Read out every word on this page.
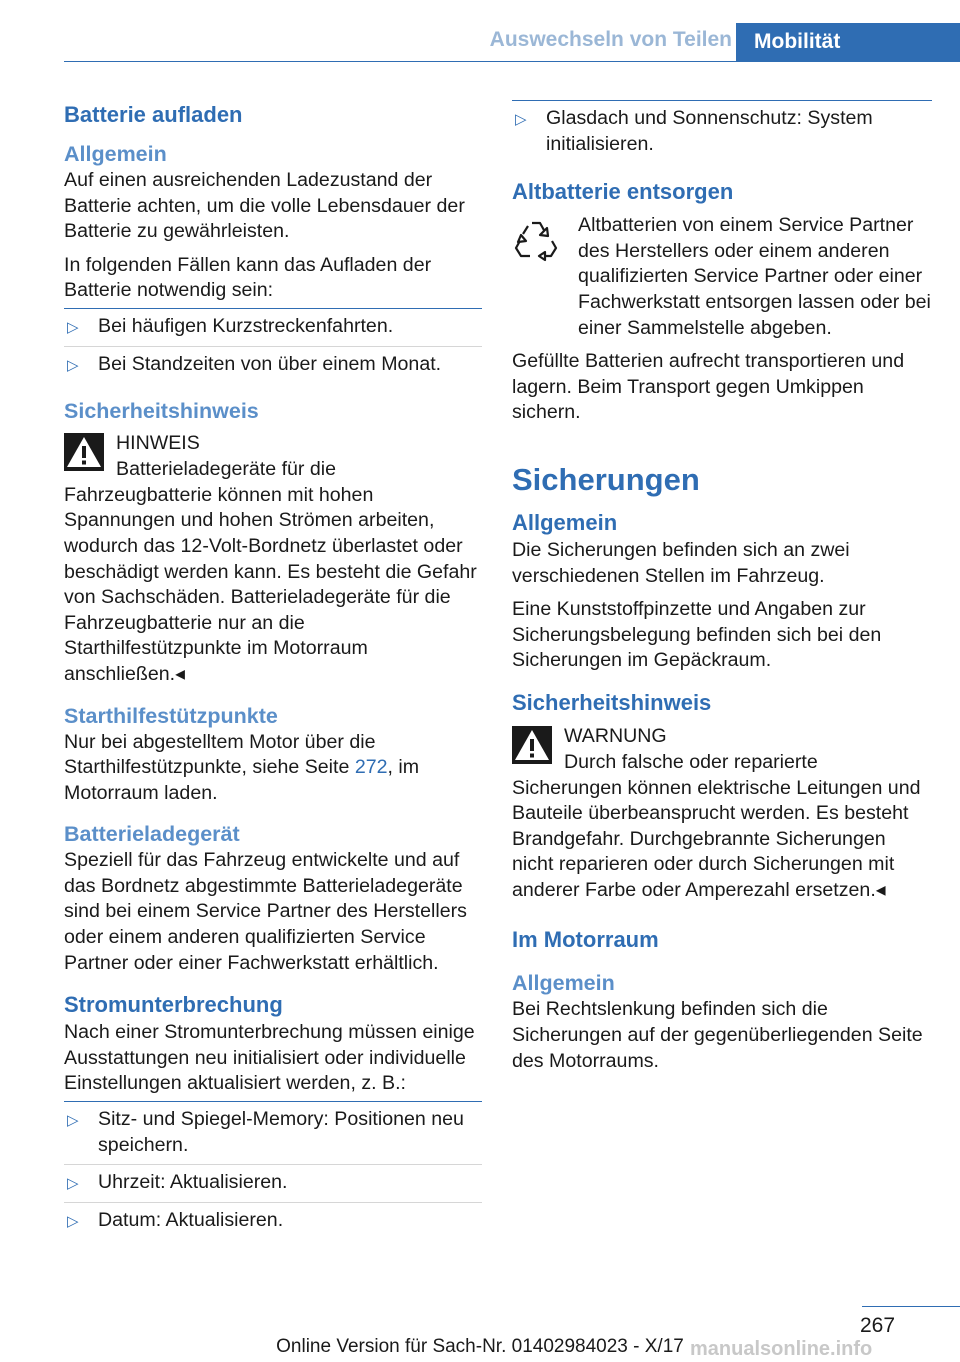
Auswechseln von Teilen	Mobilität
Batterie aufladen
Allgemein

Auf einen ausreichenden Ladezustand der Batterie achten, um die volle Lebensdauer der Batterie zu gewährleisten.

In folgenden Fällen kann das Aufladen der Batterie notwendig sein:

▷ Bei häufigen Kurzstreckenfahrten.
▷ Bei Standzeiten von über einem Monat.
Sicherheitshinweis
HINWEIS

Batterieladegeräte für die Fahrzeugbatterie können mit hohen Spannungen und hohen Strömen arbeiten, wodurch das 12-Volt-Bordnetz überlastet oder beschädigt werden kann. Es besteht die Gefahr von Sachschäden. Batterieladegeräte für die Fahrzeugbatterie nur an die Starthilfestützpunkte im Motorraum anschließen.◂

Starthilfestützpunkte

Nur bei abgestelltem Motor über die Starthilfestützpunkte, siehe Seite 272, im Motorraum laden.

Batterieladegerät

Speziell für das Fahrzeug entwickelte und auf das Bordnetz abgestimmte Batterieladegeräte sind bei einem Service Partner des Herstellers oder einem anderen qualifizierten Service Partner oder einer Fachwerkstatt erhältlich.

Stromunterbrechung

Nach einer Stromunterbrechung müssen einige Ausstattungen neu initialisiert oder individuelle Einstellungen aktualisiert werden, z. B.:

▷ Sitz- und Spiegel-Memory: Positionen neu speichern.
▷ Uhrzeit: Aktualisieren.
▷ Datum: Aktualisieren.
▷ Glasdach und Sonnenschutz: System initialisieren.
Altbatterie entsorgen

Altbatterien von einem Service Partner des Herstellers oder einem anderen qualifizierten Service Partner oder einer Fachwerkstatt entsorgen lassen oder bei einer Sammelstelle abgeben.

Gefüllte Batterien aufrecht transportieren und lagern. Beim Transport gegen Umkippen sichern.

Sicherungen
Allgemein

Die Sicherungen befinden sich an zwei verschiedenen Stellen im Fahrzeug.

Eine Kunststoffpinzette und Angaben zur Sicherungsbelegung befinden sich bei den Sicherungen im Gepäckraum.

Sicherheitshinweis
WARNUNG

Durch falsche oder reparierte Sicherungen können elektrische Leitungen und Bauteile überbeansprucht werden. Es besteht Brandgefahr. Durchgebrannte Sicherungen nicht reparieren oder durch Sicherungen mit anderer Farbe oder Amperezahl ersetzen.◂

Im Motorraum
Allgemein

Bei Rechtslenkung befinden sich die Sicherungen auf der gegenüberliegenden Seite des Motorraums.

267
Online Version für Sach-Nr. 01402984023 - X/17 manualsonline.info
